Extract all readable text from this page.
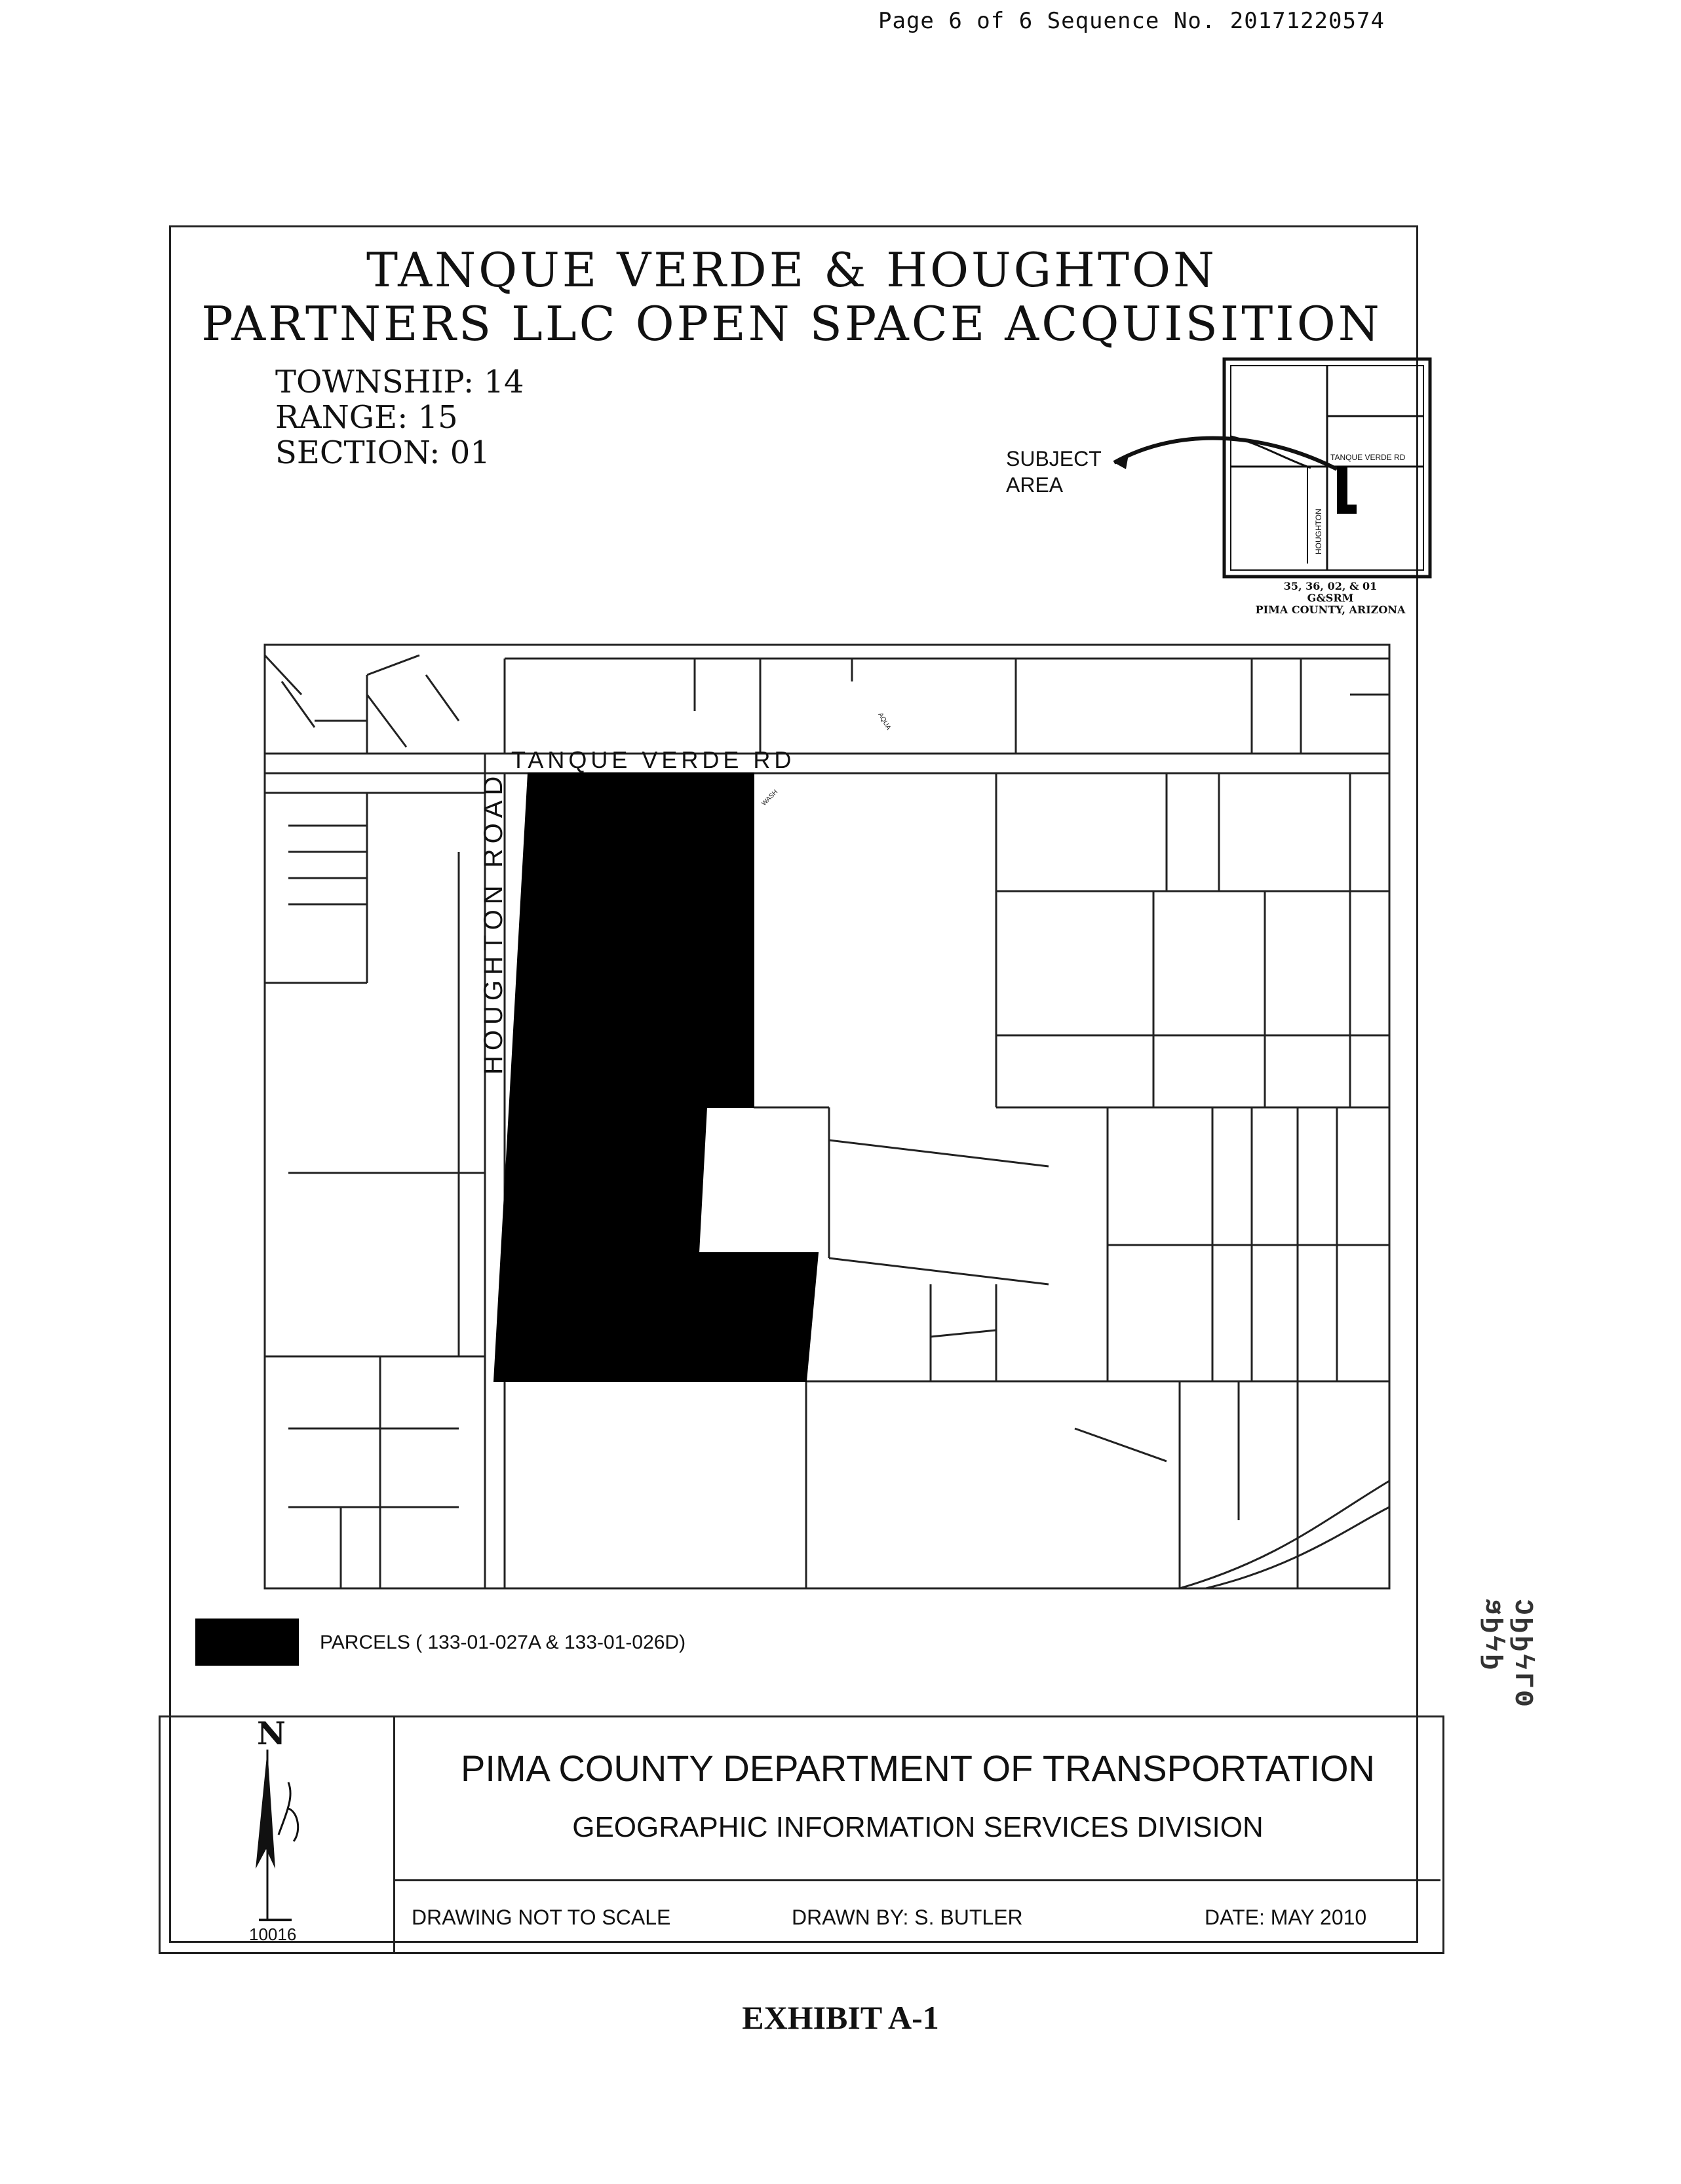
Page 6 of 6 Sequence No. 20171220574
TANQUE VERDE & HOUGHTON
PARTNERS LLC OPEN SPACE ACQUISITION
TOWNSHIP: 14
RANGE: 15
SECTION: 01	SUBJECT
AREA
TANQUE VERDE RD
HOUGHTON
TANQUE VERDE RD
HOUGHTON ROAD
AQUA
WASH
35, 36, 02, & 01
G&SRM
PIMA COUNTY, ARIZONA
PARCELS ( 133-01-027A & 133-01-026D)
N
10016
PIMA COUNTY DEPARTMENT OF TRANSPORTATION
GEOGRAPHIC INFORMATION SERVICES DIVISION
DRAWING NOT TO SCALE	DRAWN BY: S. BUTLER	DATE: MAY 2010
EXHIBIT A-1
ϽϦϦϟΓʘ ϧϦϟϦ
